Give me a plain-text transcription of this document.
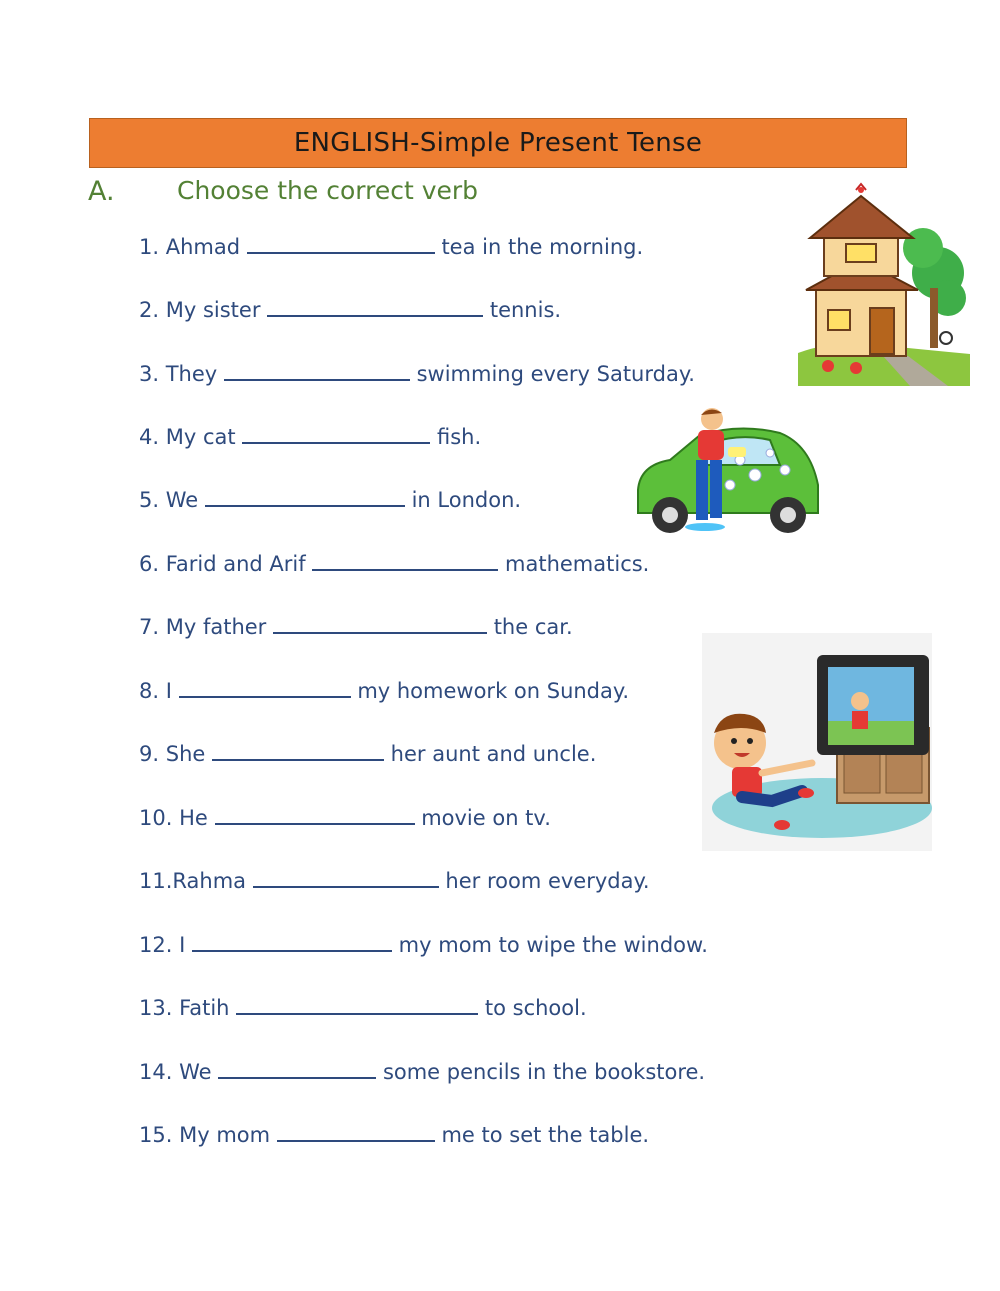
ENGLISH-Simple Present Tense
A. Choose the correct verb
1. Ahmad	tea in the morning.
2. My sister	tennis.
3. They	swimming every Saturday.
4. My cat	fish.
5. We	in London.
6. Farid and Arif	mathematics.
7. My father	the car.
8. I	my homework on Sunday.
9. She	her aunt and uncle.
10. He	movie on tv.
11.Rahma	her room everyday.
12. I	my mom to wipe the window.
13. Fatih	to school.
14. We	some pencils in the bookstore.
15. My mom	me to set the table.
